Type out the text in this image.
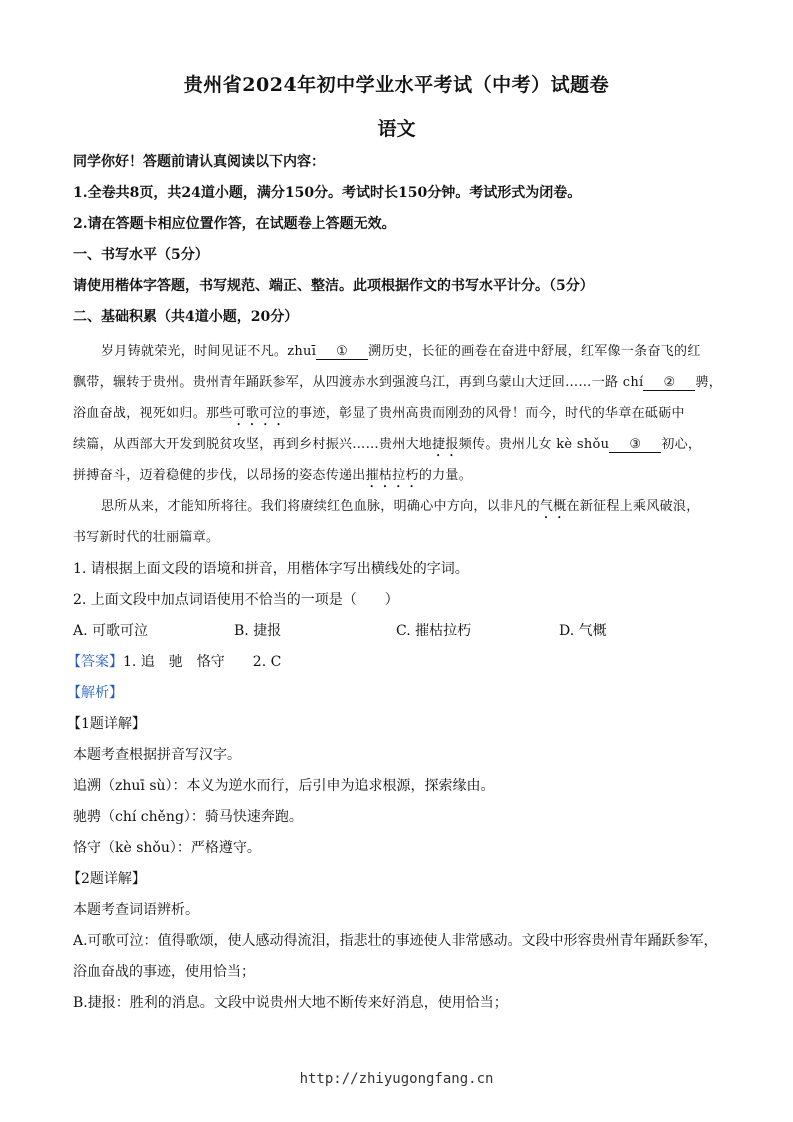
贵州省2024年初中学业水平考试（中考）试题卷
语文
同学你好！答题前请认真阅读以下内容：
1.全卷共8页，共24道小题，满分150分。考试时长150分钟。考试形式为闭卷。
2.请在答题卡相应位置作答，在试题卷上答题无效。
一、书写水平（5分）
请使用楷体字答题，书写规范、端正、整洁。此项根据作文的书写水平计分。（5分）
二、基础积累（共4道小题，20分）
岁月铸就荣光，时间见证不凡。zhuī ① 溯历史，长征的画卷在奋进中舒展，红军像一条奋飞的红
飘带，辗转于贵州。贵州青年踊跃参军，从四渡赤水到强渡乌江，再到乌蒙山大迂回……一路 chí ② 骋，
浴血奋战，视死如归。那些可歌可泣的事迹，彰显了贵州高贵而刚劲的风骨！而今，时代的华章在砥砺中
续篇，从西部大开发到脱贫攻坚，再到乡村振兴……贵州大地捷报频传。贵州儿女 kè shǒu ③ 初心，
拼搏奋斗，迈着稳健的步伐，以昂扬的姿态传递出摧枯拉朽的力量。
思所从来，才能知所将往。我们将赓续红色血脉，明确心中方向，以非凡的气概在新征程上乘风破浪，
书写新时代的壮丽篇章。
1. 请根据上面文段的语境和拼音，用楷体字写出横线处的字词。
2. 上面文段中加点词语使用不恰当的一项是（　　）
A. 可歌可泣	B. 捷报	C. 摧枯拉朽	D. 气概
【答案】1. 追　驰　恪守　　2. C
【解析】
【1题详解】
本题考查根据拼音写汉字。
追溯（zhuī sù）：本义为逆水而行，后引申为追求根源，探索缘由。
驰骋（chí chěng）：骑马快速奔跑。
恪守（kè shǒu）：严格遵守。
【2题详解】
本题考查词语辨析。
A.可歌可泣：值得歌颂，使人感动得流泪，指悲壮的事迹使人非常感动。文段中形容贵州青年踊跃参军，
浴血奋战的事迹，使用恰当；
B.捷报：胜利的消息。文段中说贵州大地不断传来好消息，使用恰当；
http://zhiyugongfang.cn
